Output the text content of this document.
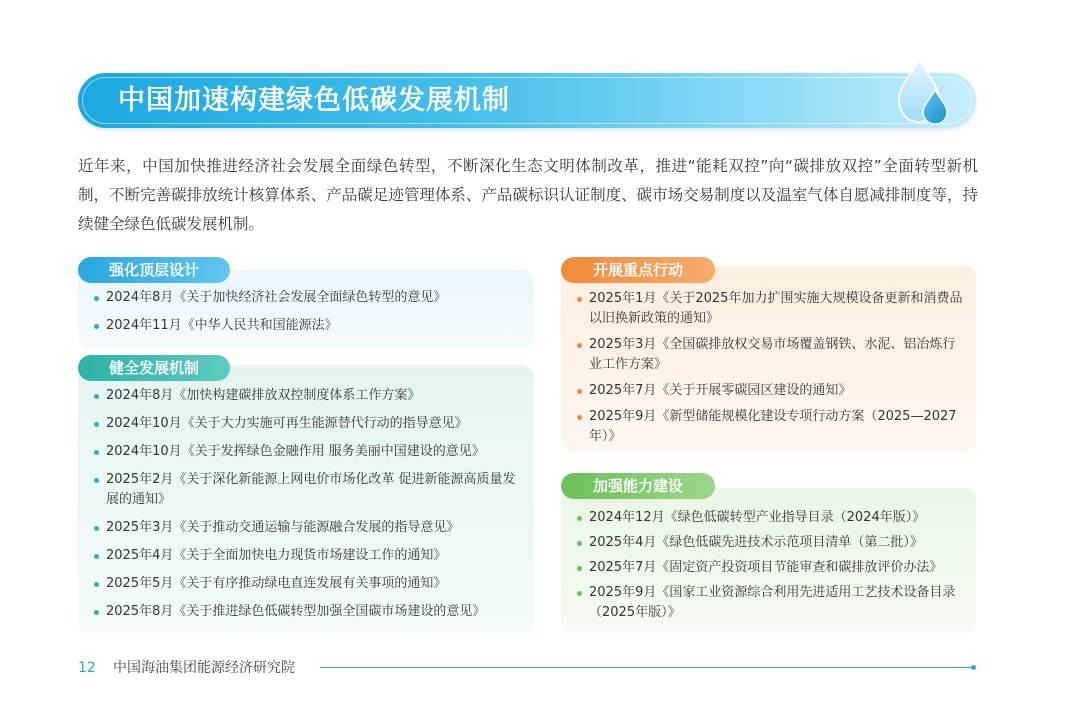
中国加速构建绿色低碳发展机制
近年来，中国加快推进经济社会发展全面绿色转型，不断深化生态文明体制改革，推进“能耗双控”向“碳排放双控”全面转型新机制，不断完善碳排放统计核算体系、产品碳足迹管理体系、产品碳标识认证制度、碳市场交易制度以及温室气体自愿减排制度等，持续健全绿色低碳发展机制。
强化顶层设计
2024年8月《关于加快经济社会发展全面绿色转型的意见》
2024年11月《中华人民共和国能源法》
健全发展机制
2024年8月《加快构建碳排放双控制度体系工作方案》
2024年10月《关于大力实施可再生能源替代行动的指导意见》
2024年10月《关于发挥绿色金融作用 服务美丽中国建设的意见》
2025年2月《关于深化新能源上网电价市场化改革 促进新能源高质量发展的通知》
2025年3月《关于推动交通运输与能源融合发展的指导意见》
2025年4月《关于全面加快电力现货市场建设工作的通知》
2025年5月《关于有序推动绿电直连发展有关事项的通知》
2025年8月《关于推进绿色低碳转型加强全国碳市场建设的意见》
开展重点行动
2025年1月《关于2025年加力扩围实施大规模设备更新和消费品以旧换新政策的通知》
2025年3月《全国碳排放权交易市场覆盖钢铁、水泥、铝冶炼行业工作方案》
2025年7月《关于开展零碳园区建设的通知》
2025年9月《新型储能规模化建设专项行动方案（2025—2027年）》
加强能力建设
2024年12月《绿色低碳转型产业指导目录（2024年版）》
2025年4月《绿色低碳先进技术示范项目清单（第二批）》
2025年7月《固定资产投资项目节能审查和碳排放评价办法》
2025年9月《国家工业资源综合利用先进适用工艺技术设备目录（2025年版）》
12 中国海油集团能源经济研究院
